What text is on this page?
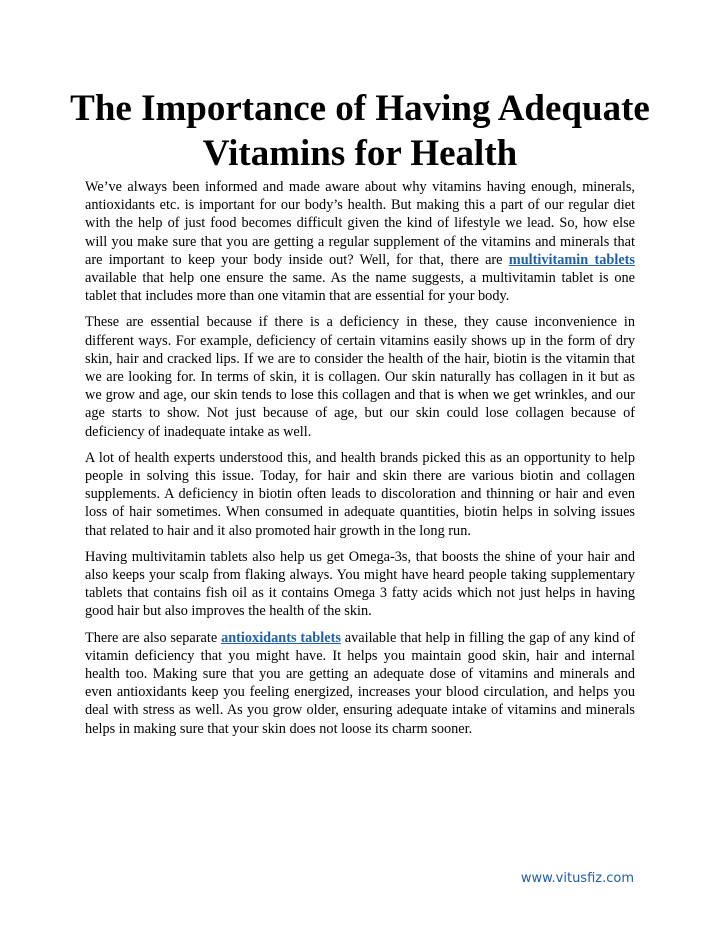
The Importance of Having Adequate Vitamins for Health

We’ve always been informed and made aware about why vitamins having enough, minerals, antioxidants etc. is important for our body’s health. But making this a part of our regular diet with the help of just food becomes difficult given the kind of lifestyle we lead. So, how else will you make sure that you are getting a regular supplement of the vitamins and minerals that are important to keep your body inside out? Well, for that, there are multivitamin tablets available that help one ensure the same. As the name suggests, a multivitamin tablet is one tablet that includes more than one vitamin that are essential for your body.

These are essential because if there is a deficiency in these, they cause inconvenience in different ways. For example, deficiency of certain vitamins easily shows up in the form of dry skin, hair and cracked lips. If we are to consider the health of the hair, biotin is the vitamin that we are looking for. In terms of skin, it is collagen. Our skin naturally has collagen in it but as we grow and age, our skin tends to lose this collagen and that is when we get wrinkles, and our age starts to show. Not just because of age, but our skin could lose collagen because of deficiency of inadequate intake as well.

A lot of health experts understood this, and health brands picked this as an opportunity to help people in solving this issue. Today, for hair and skin there are various biotin and collagen supplements. A deficiency in biotin often leads to discoloration and thinning or hair and even loss of hair sometimes. When consumed in adequate quantities, biotin helps in solving issues that related to hair and it also promoted hair growth in the long run.

Having multivitamin tablets also help us get Omega-3s, that boosts the shine of your hair and also keeps your scalp from flaking always. You might have heard people taking supplementary tablets that contains fish oil as it contains Omega 3 fatty acids which not just helps in having good hair but also improves the health of the skin.

There are also separate antioxidants tablets available that help in filling the gap of any kind of vitamin deficiency that you might have. It helps you maintain good skin, hair and internal health too. Making sure that you are getting an adequate dose of vitamins and minerals and even antioxidants keep you feeling energized, increases your blood circulation, and helps you deal with stress as well. As you grow older, ensuring adequate intake of vitamins and minerals helps in making sure that your skin does not loose its charm sooner.

www.vitusfiz.com
